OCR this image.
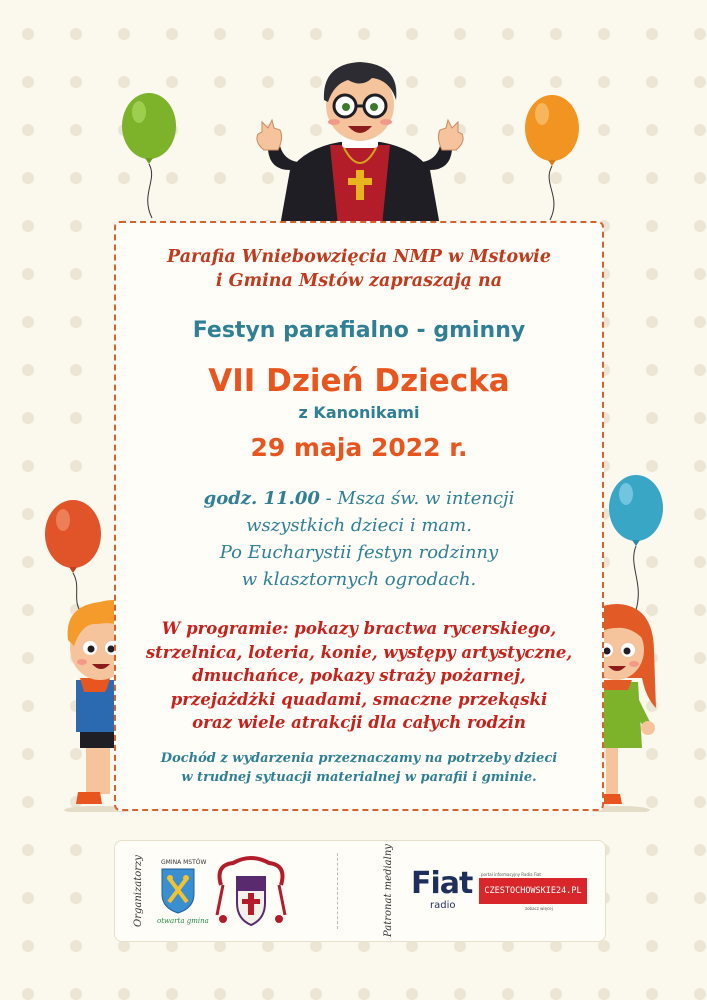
Parafia Wniebowzięcia NMP w Mstowie
i Gmina Mstów zapraszają na

Festyn parafialno - gminny

VII Dzień Dziecka

z Kanonikami

29 maja 2022 r.

godz. 11.00 - Msza św. w intencji
wszystkich dzieci i mam.
Po Eucharystii festyn rodzinny
w klasztornych ogrodach.

W programie: pokazy bractwa rycerskiego,
strzelnica, loteria, konie, występy artystyczne,
dmuchańce, pokazy straży pożarnej,
przejażdżki quadami, smaczne przekąski
oraz wiele atrakcji dla całych rodzin

Dochód z wydarzenia przeznaczamy na potrzeby dzieci
w trudnej sytuacji materialnej w parafii i gminie.

Organizatorzy	GMINA MSTÓW
otwarta gmina	Patronat medialny Fiat
radio
portal informacyjny Radia Fiat
CZESTOCHOWSKIE24.PL
zobacz więcej
